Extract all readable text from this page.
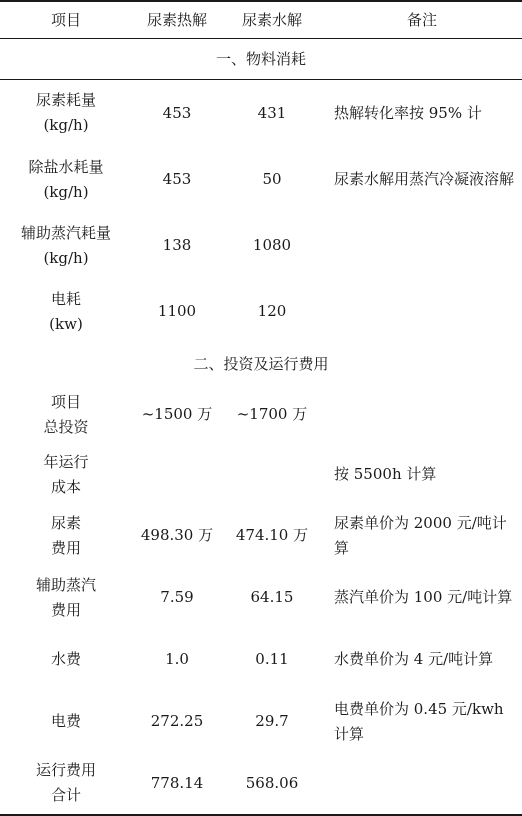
项目	尿素热解	尿素水解	备注
一、物料消耗			

尿素耗量
(kg/h)	453	431	热解转化率按 95% 计

除盐水耗量
(kg/h)	453	50	尿素水解用蒸汽冷凝液溶解

辅助蒸汽耗量
(kg/h)	138	1080	

电耗
(kw)	1100	120	
二、投资及运行费用			

项目
总投资	~1500 万	~1700 万	

年运行
成本			按 5500h 计算

尿素
费用	498.30 万	474.10 万	尿素单价为 2000 元/吨计算

辅助蒸汽
费用	7.59	64.15	蒸汽单价为 100 元/吨计算
水费	1.0	0.11	水费单价为 4 元/吨计算
电费	272.25	29.7	电费单价为 0.45 元/kwh 计算

运行费用
合计	778.14	568.06	
